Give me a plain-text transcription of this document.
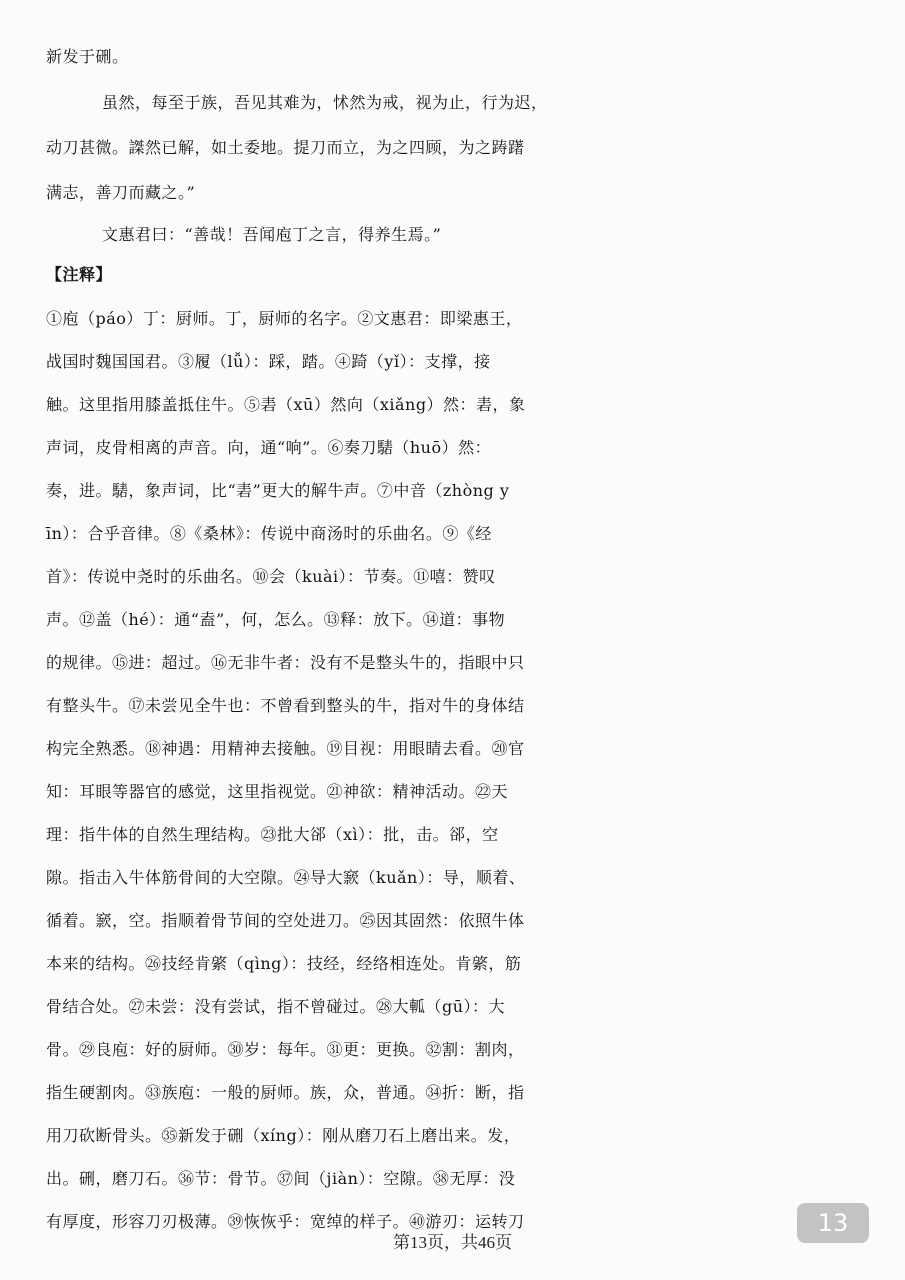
新发于硎。
虽然，每至于族，吾见其难为，怵然为戒，视为止，行为迟，
动刀甚微。謋然已解，如土委地。提刀而立，为之四顾，为之踌躇
满志，善刀而藏之。”
文惠君曰：“善哉！吾闻庖丁之言，得养生焉。”
【注释】
①庖（páo）丁：厨师。丁，厨师的名字。②文惠君：即梁惠王，
战国时魏国国君。③履（lǚ）：踩，踏。④踦（yǐ）：支撑，接
触。这里指用膝盖抵住牛。⑤砉（xū）然向（xiǎng）然：砉，象
声词，皮骨相离的声音。向，通“响”。⑥奏刀騞（huō）然：
奏，进。騞，象声词，比“砉”更大的解牛声。⑦中音（zhòng y
īn）：合乎音律。⑧《桑林》：传说中商汤时的乐曲名。⑨《经
首》：传说中尧时的乐曲名。⑩会（kuài）：节奏。⑪嘻：赞叹
声。⑫盖（hé）：通“盍”，何，怎么。⑬释：放下。⑭道：事物
的规律。⑮进：超过。⑯无非牛者：没有不是整头牛的，指眼中只
有整头牛。⑰未尝见全牛也：不曾看到整头的牛，指对牛的身体结
构完全熟悉。⑱神遇：用精神去接触。⑲目视：用眼睛去看。⑳官
知：耳眼等器官的感觉，这里指视觉。㉑神欲：精神活动。㉒天
理：指牛体的自然生理结构。㉓批大郤（xì）：批，击。郤，空
隙。指击入牛体筋骨间的大空隙。㉔导大窾（kuǎn）：导，顺着、
循着。窾，空。指顺着骨节间的空处进刀。㉕因其固然：依照牛体
本来的结构。㉖技经肯綮（qìng）：技经，经络相连处。肯綮，筋
骨结合处。㉗未尝：没有尝试，指不曾碰过。㉘大軱（gū）：大
骨。㉙良庖：好的厨师。㉚岁：每年。㉛更：更换。㉜割：割肉，
指生硬割肉。㉝族庖：一般的厨师。族，众，普通。㉞折：断，指
用刀砍断骨头。㉟新发于硎（xíng）：刚从磨刀石上磨出来。发，
出。硎，磨刀石。㊱节：骨节。㊲间（jiàn）：空隙。㊳无厚：没
有厚度，形容刀刃极薄。㊴恢恢乎：宽绰的样子。㊵游刃：运转刀
第13页，共46页
13
